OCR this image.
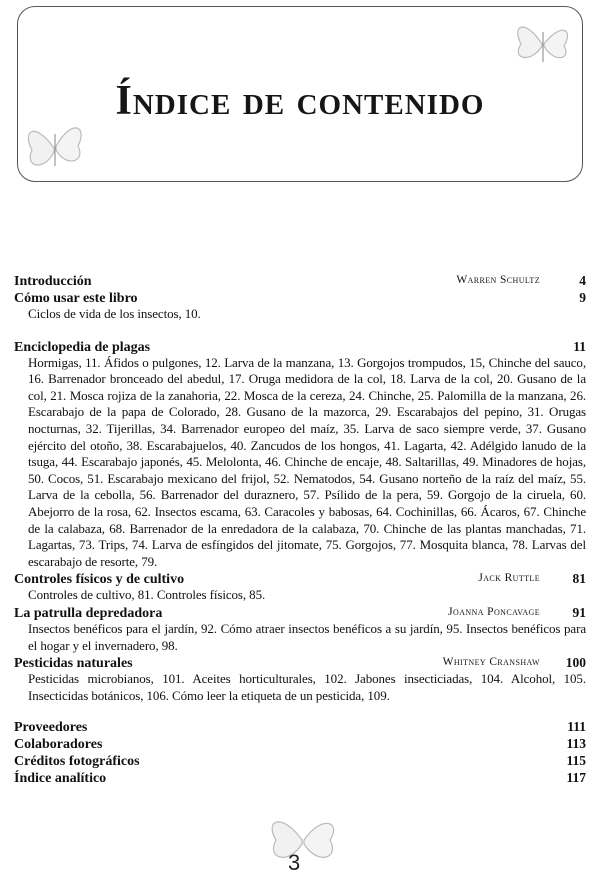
Índice de contenido
Introducción	Warren Schultz	4
Cómo usar este libro	9
Ciclos de vida de los insectos, 10.
Enciclopedia de plagas	11
Hormigas, 11. Áfidos o pulgones, 12. Larva de la manzana, 13. Gorgojos trompudos, 15, Chinche del sauco, 16. Barrenador bronceado del abedul, 17. Oruga medidora de la col, 18. Larva de la col, 20. Gusano de la col, 21. Mosca rojiza de la zanahoria, 22. Mosca de la cereza, 24. Chinche, 25. Palomilla de la manzana, 26. Escarabajo de la papa de Colorado, 28. Gusano de la mazorca, 29. Escarabajos del pepino, 31. Orugas nocturnas, 32. Tijerillas, 34. Barrenador europeo del maíz, 35. Larva de saco siempre verde, 37. Gusano ejército del otoño, 38. Escarabajuelos, 40. Zancudos de los hongos, 41. Lagarta, 42. Adélgido lanudo de la tsuga, 44. Escarabajo japonés, 45. Melolonta, 46. Chinche de encaje, 48. Saltarillas, 49. Minadores de hojas, 50. Cocos, 51. Escarabajo mexicano del frijol, 52. Nematodos, 54. Gusano norteño de la raíz del maíz, 55. Larva de la cebolla, 56. Barrenador del duraznero, 57. Psílido de la pera, 59. Gorgojo de la ciruela, 60. Abejorro de la rosa, 62. Insectos escama, 63. Caracoles y babosas, 64. Cochinillas, 66. Ácaros, 67. Chinche de la calabaza, 68. Barrenador de la enredadora de la calabaza, 70. Chinche de las plantas manchadas, 71. Lagartas, 73. Trips, 74. Larva de esfíngidos del jitomate, 75. Gorgojos, 77. Mosquita blanca, 78. Larvas del escarabajo de resorte, 79.
Controles físicos y de cultivo	Jack Ruttle 81
Controles de cultivo, 81. Controles físicos, 85.
La patrulla depredadora	Joanna Poncavage 91
Insectos benéficos para el jardín, 92. Cómo atraer insectos benéficos a su jardín, 95. Insectos benéficos para el hogar y el invernadero, 98.
Pesticidas naturales	Whitney Cranshaw 100
Pesticidas microbianos, 101. Aceites horticulturales, 102. Jabones insecticiadas, 104. Alcohol, 105. Insecticidas botánicos, 106. Cómo leer la etiqueta de un pesticida, 109.
Proveedores	111
Colaboradores	113
Créditos fotográficos	115
Índice analítico	117
3
